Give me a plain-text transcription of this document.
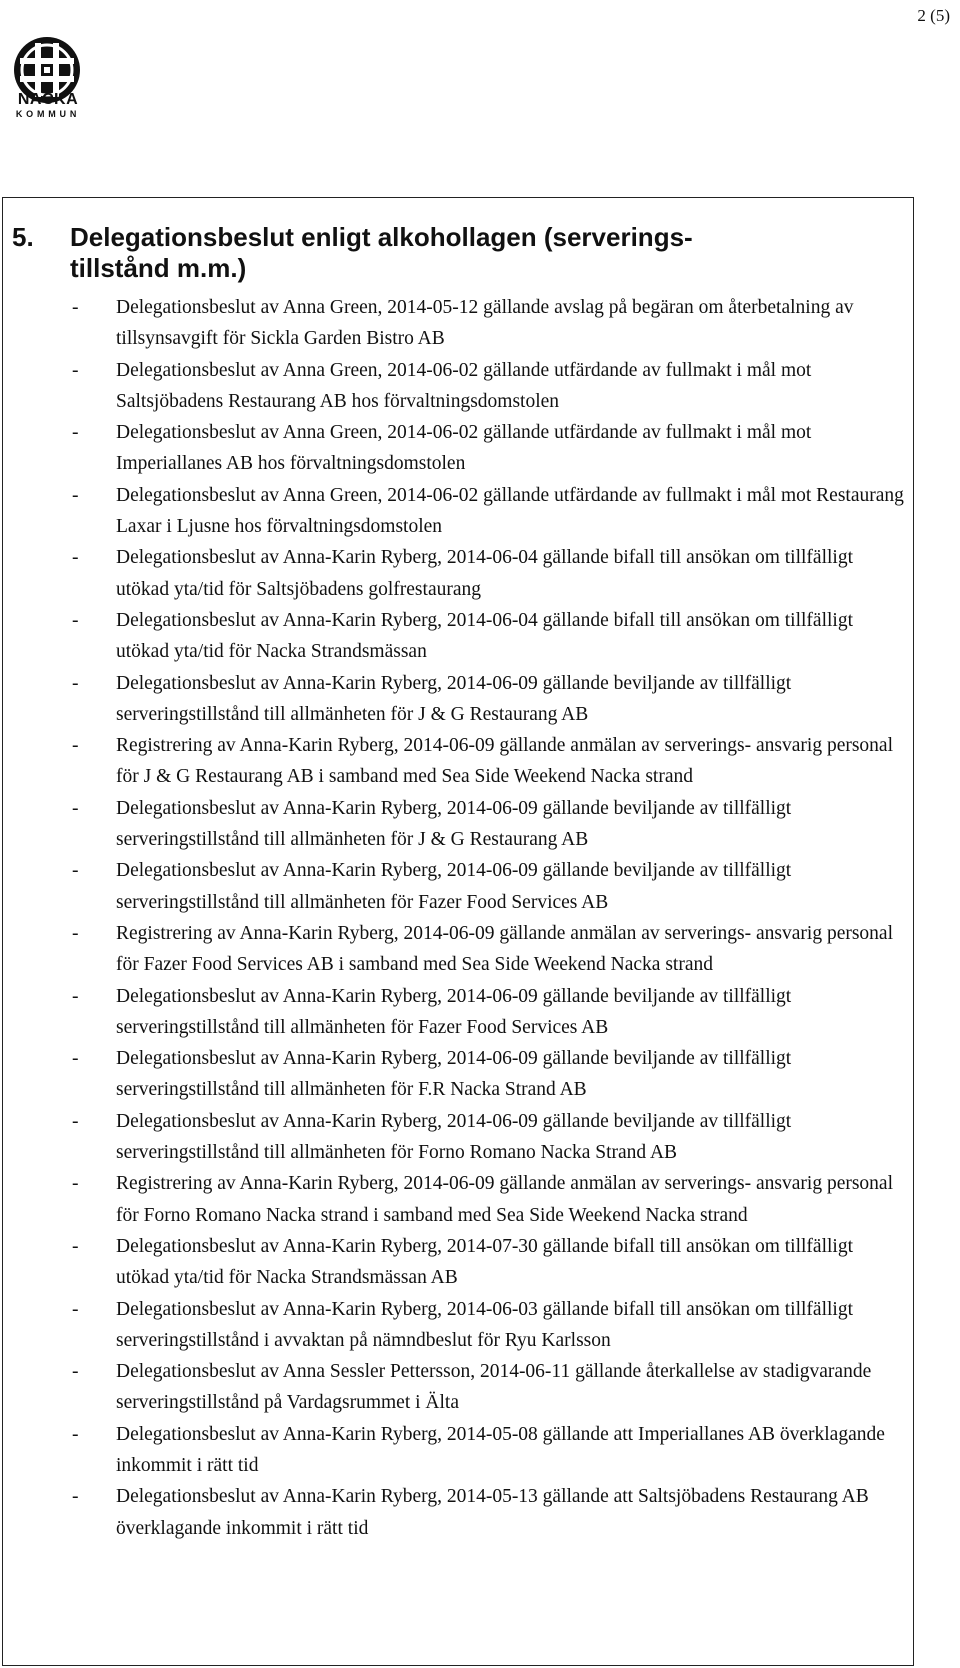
2 (5)
NACKA
KOMMUN
5. Delegationsbeslut enligt alkohollagen (serverings- tillstånd m.m.)
- Delegationsbeslut av Anna Green, 2014-05-12 gällande avslag på begäran om återbetalning av tillsynsavgift för Sickla Garden Bistro AB
- Delegationsbeslut av Anna Green, 2014-06-02 gällande utfärdande av fullmakt i mål mot Saltsjöbadens Restaurang AB hos förvaltningsdomstolen
- Delegationsbeslut av Anna Green, 2014-06-02 gällande utfärdande av fullmakt i mål mot Imperiallanes AB hos förvaltningsdomstolen
- Delegationsbeslut av Anna Green, 2014-06-02 gällande utfärdande av fullmakt i mål mot Restaurang Laxar i Ljusne hos förvaltningsdomstolen
- Delegationsbeslut av Anna-Karin Ryberg, 2014-06-04 gällande bifall till ansökan om tillfälligt utökad yta/tid för Saltsjöbadens golfrestaurang
- Delegationsbeslut av Anna-Karin Ryberg, 2014-06-04 gällande bifall till ansökan om tillfälligt utökad yta/tid för Nacka Strandsmässan
- Delegationsbeslut av Anna-Karin Ryberg, 2014-06-09 gällande beviljande av tillfälligt serveringstillstånd till allmänheten för J & G Restaurang AB
- Registrering av Anna-Karin Ryberg, 2014-06-09 gällande anmälan av serverings- ansvarig personal för J & G Restaurang AB i samband med Sea Side Weekend Nacka strand
- Delegationsbeslut av Anna-Karin Ryberg, 2014-06-09 gällande beviljande av tillfälligt serveringstillstånd till allmänheten för J & G Restaurang AB
- Delegationsbeslut av Anna-Karin Ryberg, 2014-06-09 gällande beviljande av tillfälligt serveringstillstånd till allmänheten för Fazer Food Services AB
- Registrering av Anna-Karin Ryberg, 2014-06-09 gällande anmälan av serverings- ansvarig personal för Fazer Food Services AB i samband med Sea Side Weekend Nacka strand
- Delegationsbeslut av Anna-Karin Ryberg, 2014-06-09 gällande beviljande av tillfälligt serveringstillstånd till allmänheten för Fazer Food Services AB
- Delegationsbeslut av Anna-Karin Ryberg, 2014-06-09 gällande beviljande av tillfälligt serveringstillstånd till allmänheten för F.R Nacka Strand AB
- Delegationsbeslut av Anna-Karin Ryberg, 2014-06-09 gällande beviljande av tillfälligt serveringstillstånd till allmänheten för Forno Romano Nacka Strand AB
- Registrering av Anna-Karin Ryberg, 2014-06-09 gällande anmälan av serverings- ansvarig personal för Forno Romano Nacka strand i samband med Sea Side Weekend Nacka strand
- Delegationsbeslut av Anna-Karin Ryberg, 2014-07-30 gällande bifall till ansökan om tillfälligt utökad yta/tid för Nacka Strandsmässan AB
- Delegationsbeslut av Anna-Karin Ryberg, 2014-06-03 gällande bifall till ansökan om tillfälligt serveringstillstånd i avvaktan på nämndbeslut för Ryu Karlsson
- Delegationsbeslut av Anna Sessler Pettersson, 2014-06-11 gällande återkallelse av stadigvarande serveringstillstånd på Vardagsrummet i Älta
- Delegationsbeslut av Anna-Karin Ryberg, 2014-05-08 gällande att Imperiallanes AB överklagande inkommit i rätt tid
- Delegationsbeslut av Anna-Karin Ryberg, 2014-05-13 gällande att Saltsjöbadens Restaurang AB överklagande inkommit i rätt tid
